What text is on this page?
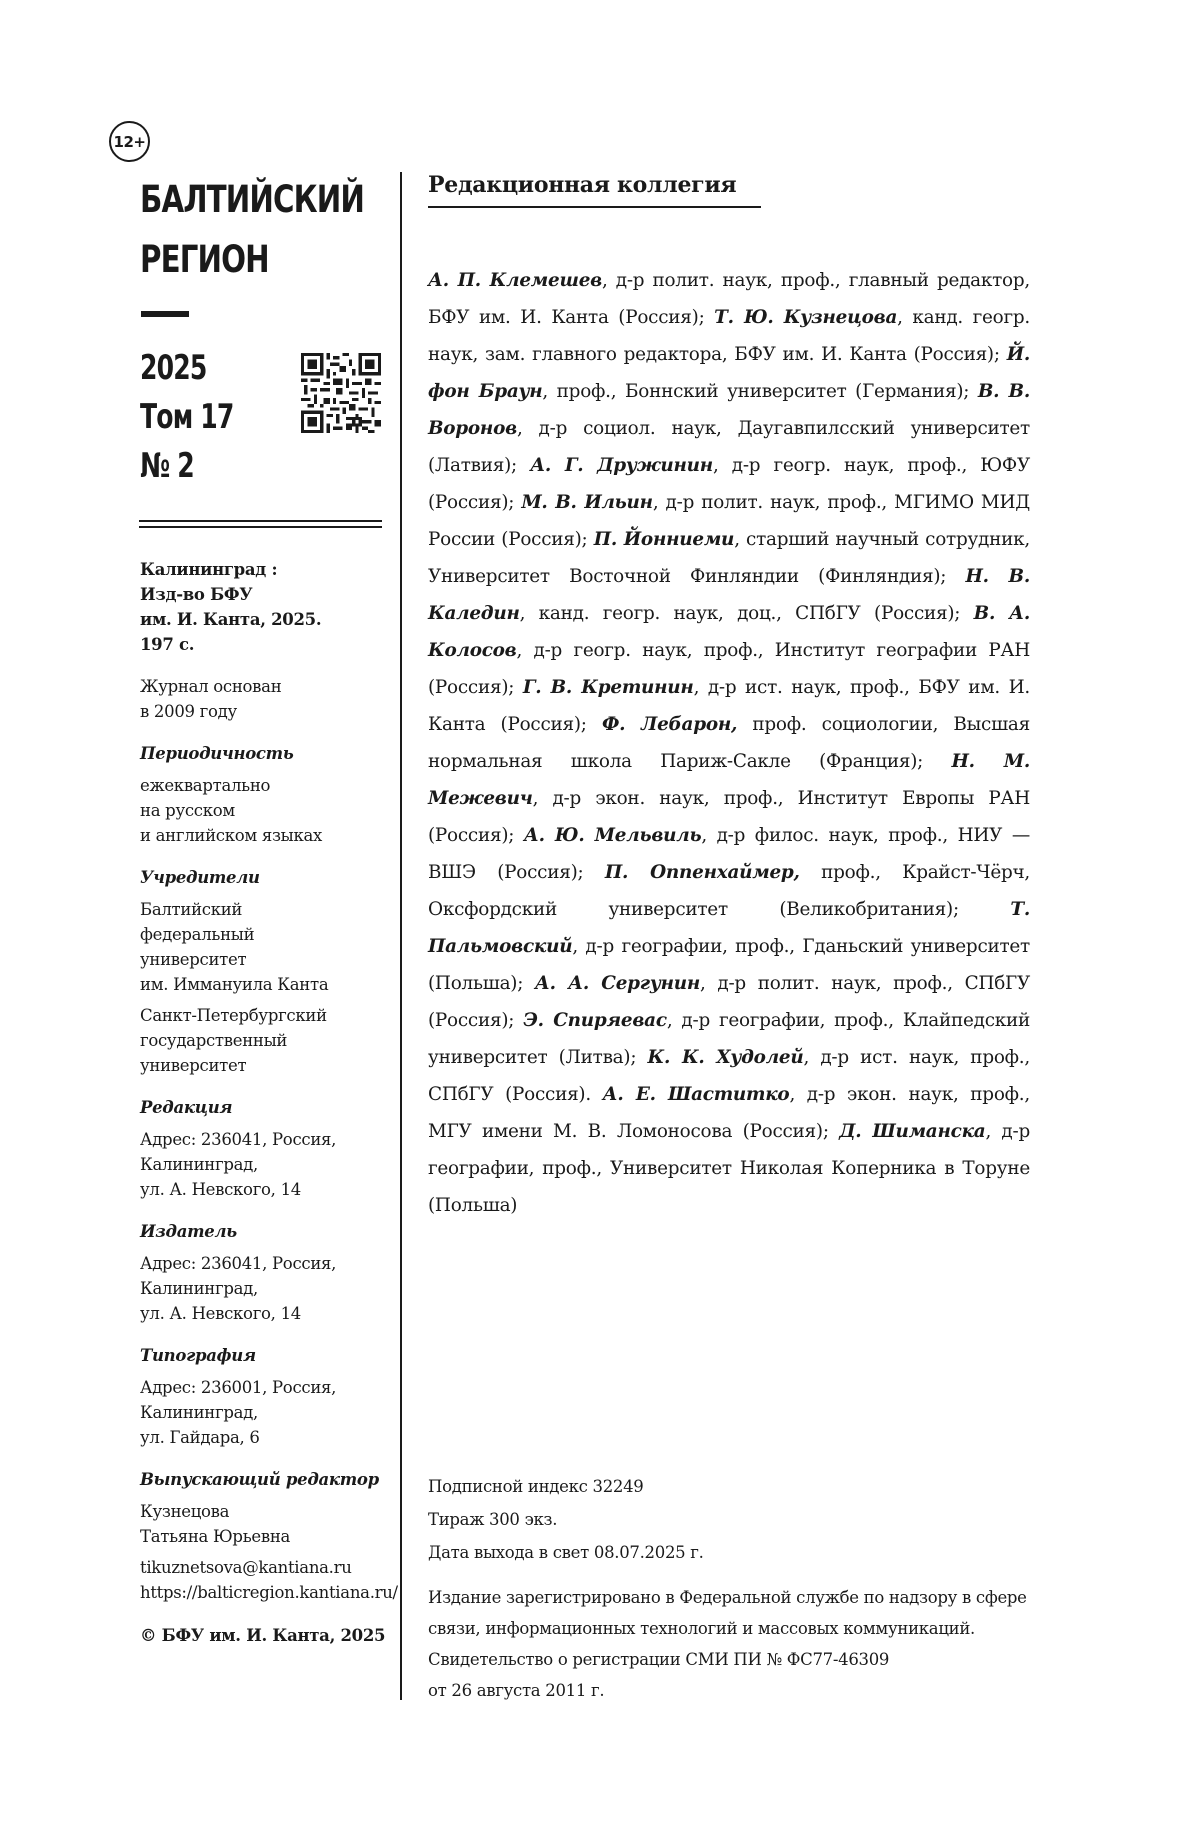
12+
БАЛТИЙСКИЙ
РЕГИОН
2025
Том 17
№ 2
Калининград :
Изд-во БФУ
им. И. Канта, 2025.
197 с.
Журнал основан
в 2009 году
Периодичность
ежеквартально
на русском
и английском языках
Учредители
Балтийский
федеральный
университет
им. Иммануила Канта
Санкт-Петербургский
государственный
университет
Редакция
Адрес: 236041, Россия,
Калининград,
ул. А. Невского, 14
Издатель
Адрес: 236041, Россия,
Калининград,
ул. А. Невского, 14
Типография
Адрес: 236001, Россия,
Калининград,
ул. Гайдара, 6
Выпускающий редактор
Кузнецова
Татьяна Юрьевна
tikuznetsova@kantiana.ru
https://balticregion.kantiana.ru/
© БФУ им. И. Канта, 2025
Редакционная коллегия
А. П. Клемешев, д-р полит. наук, проф., главный редактор, БФУ им. И. Канта (Россия); Т. Ю. Кузнецова, канд. геогр. наук, зам. главного редактора, БФУ им. И. Канта (Россия); Й. фон Браун, проф., Боннский университет (Германия); В. В. Воронов, д-р социол. наук, Даугавпилсский университет (Латвия); А. Г. Дружинин, д-р геогр. наук, проф., ЮФУ (Россия); М. В. Ильин, д-р полит. наук, проф., МГИМО МИД России (Россия); П. Йонниеми, старший научный сотрудник, Университет Восточной Финляндии (Финляндия); Н. В. Каледин, канд. геогр. наук, доц., СПбГУ (Россия); В. А. Колосов, д-р геогр. наук, проф., Институт географии РАН (Россия); Г. В. Кретинин, д-р ист. наук, проф., БФУ им. И. Канта (Россия); Ф. Лебарон, проф. социологии, Высшая нормальная школа Париж-Сакле (Франция); Н. М. Межевич, д-р экон. наук, проф., Институт Европы РАН (Россия); А. Ю. Мельвиль, д-р филос. наук, проф., НИУ — ВШЭ (Россия); П. Оппенхаймер, проф., Крайст-Чёрч, Оксфордский университет (Великобритания); Т. Пальмовский, д-р географии, проф., Гданьский университет (Польша); А. А. Сергунин, д-р полит. наук, проф., СПбГУ (Россия); Э. Спиряевас, д-р географии, проф., Клайпедский университет (Литва); К. К. Худолей, д-р ист. наук, проф., СПбГУ (Россия). А. Е. Шаститко, д-р экон. наук, проф., МГУ имени М. В. Ломоносова (Россия); Д. Шиманска, д-р географии, проф., Университет Николая Коперника в Торуне (Польша)
Подписной индекс 32249
Тираж 300 экз.
Дата выхода в свет 08.07.2025 г.
Издание зарегистрировано в Федеральной службе по надзору в сфере
связи, информационных технологий и массовых коммуникаций.
Свидетельство о регистрации СМИ ПИ № ФС77-46309
от 26 августа 2011 г.
